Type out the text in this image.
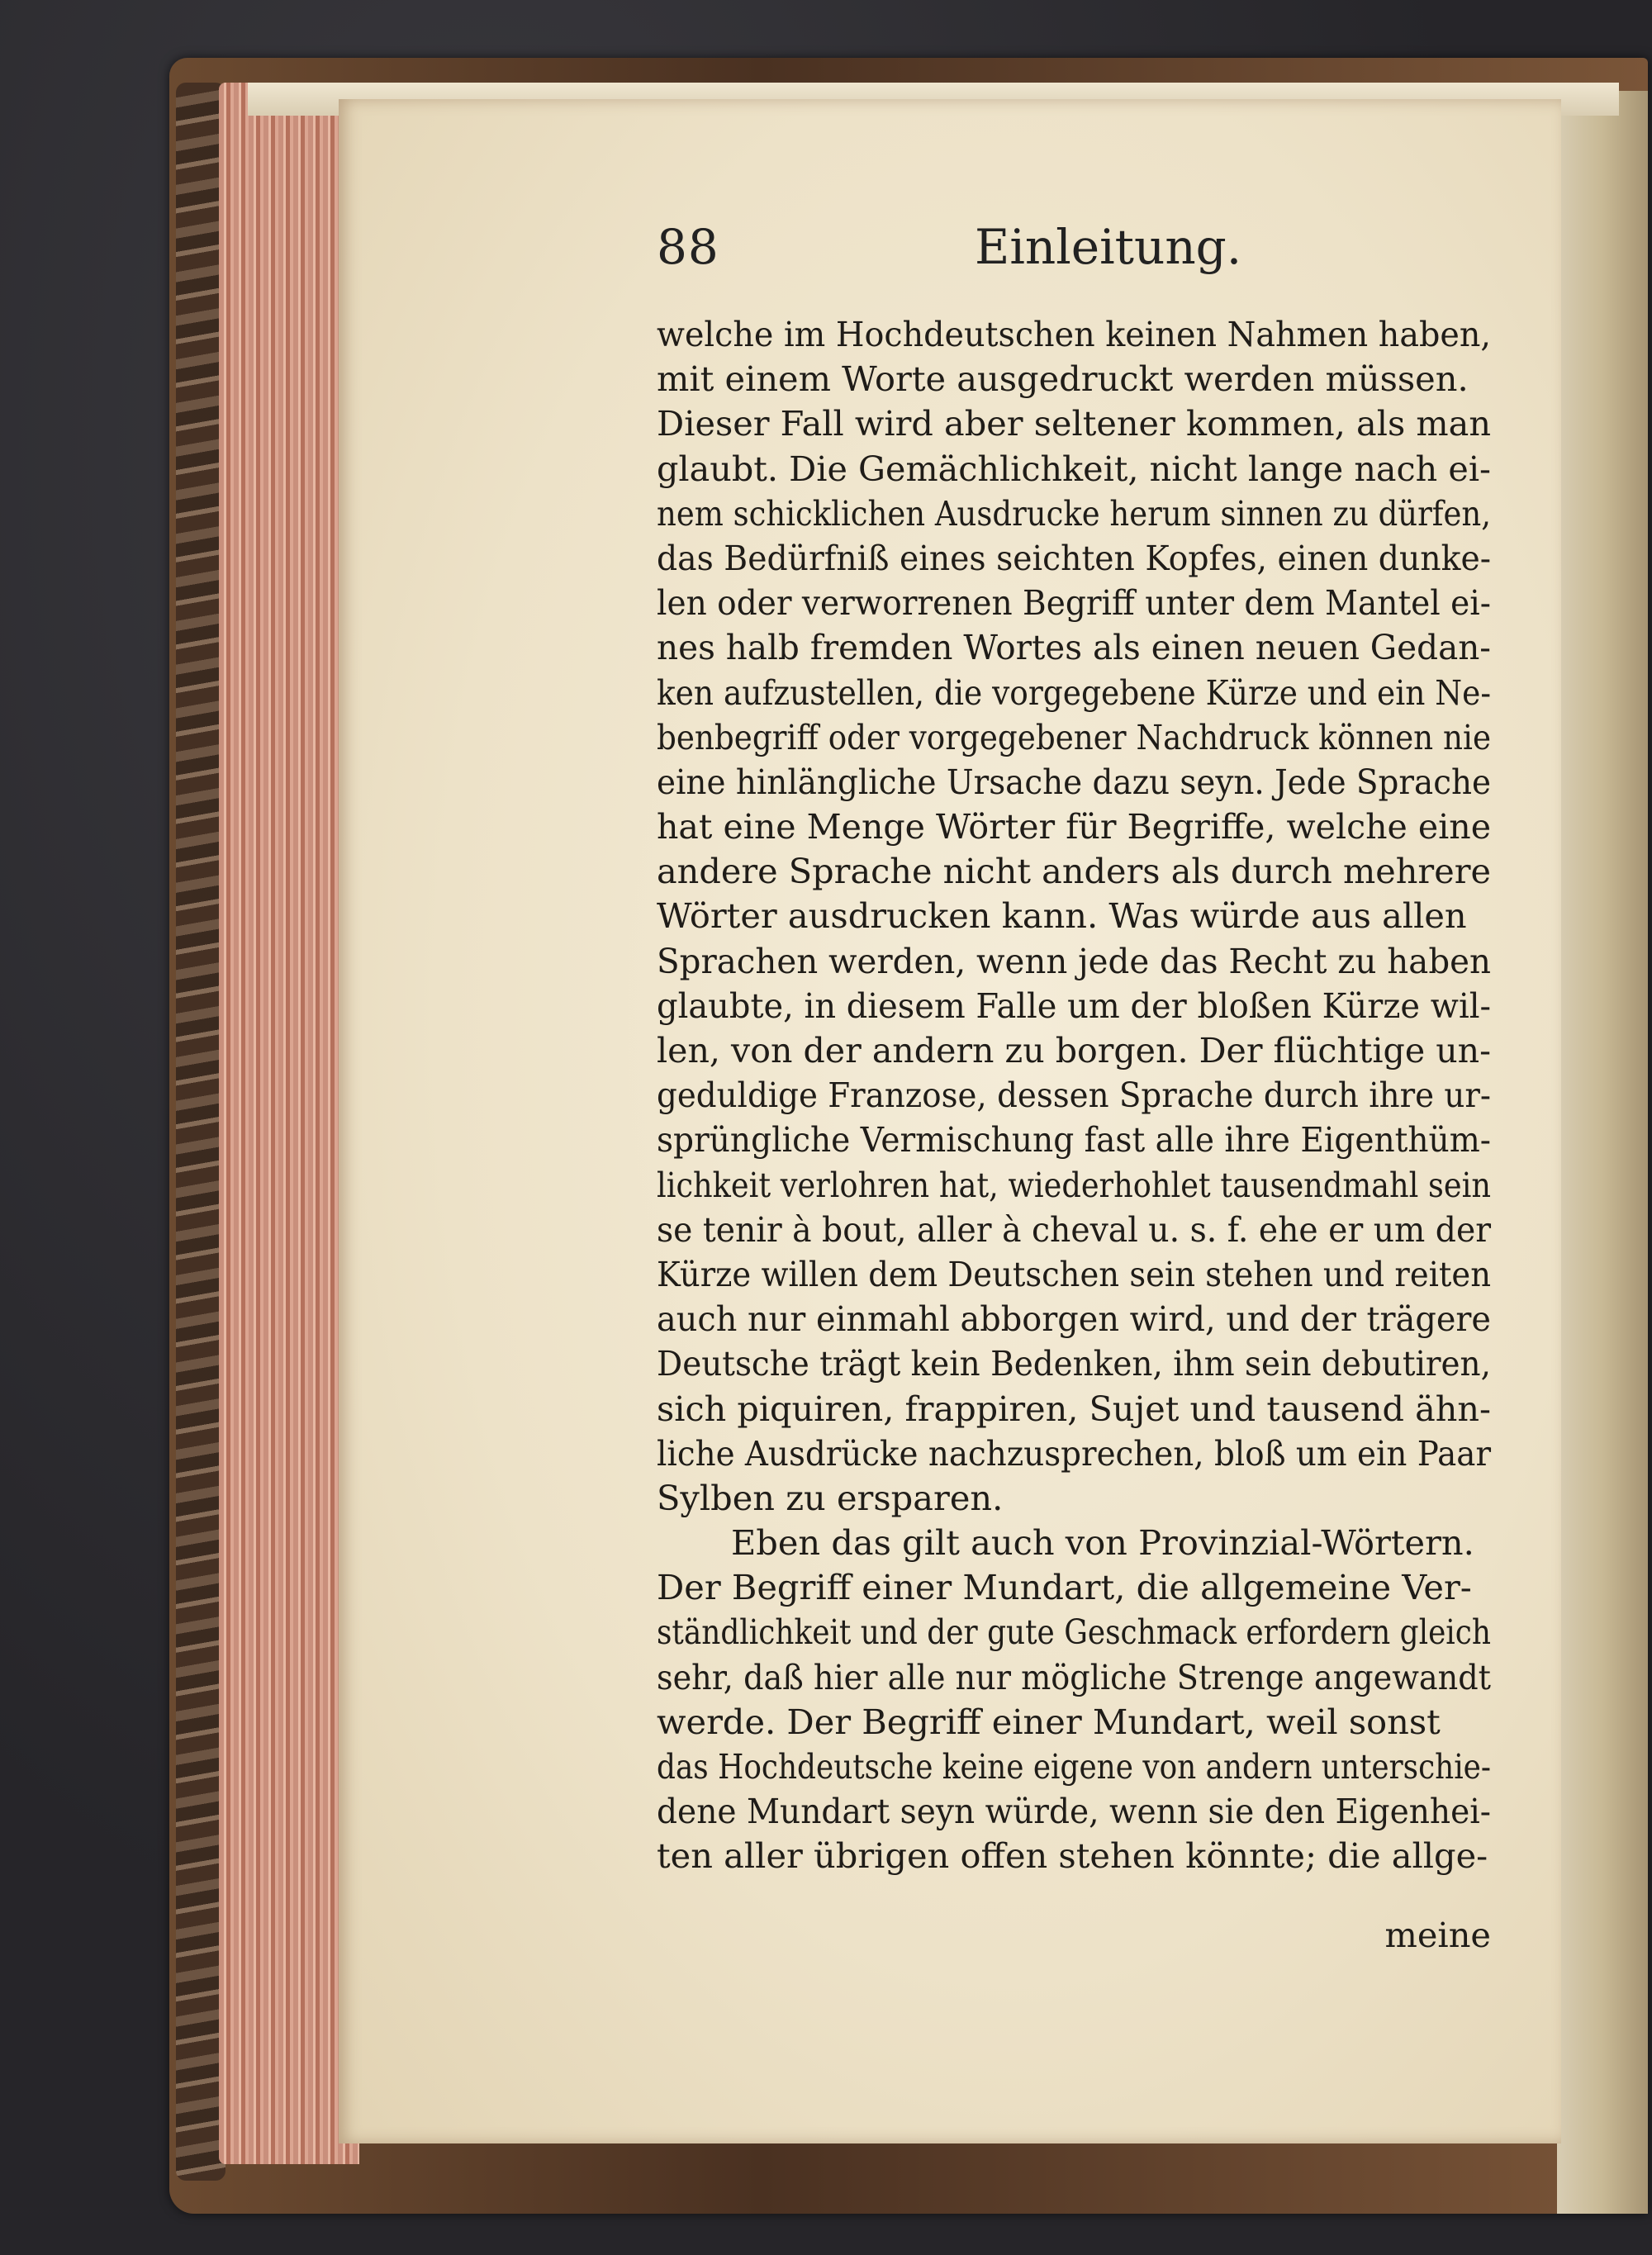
88	Einleitung.
welche im Hochdeutschen keinen Nahmen haben,
mit einem Worte ausgedruckt werden müssen.
Dieser Fall wird aber seltener kommen, als man
glaubt. Die Gemächlichkeit, nicht lange nach ei-
nem schicklichen Ausdrucke herum sinnen zu dürfen,
das Bedürfniß eines seichten Kopfes, einen dunke-
len oder verworrenen Begriff unter dem Mantel ei-
nes halb fremden Wortes als einen neuen Gedan-
ken aufzustellen, die vorgegebene Kürze und ein Ne-
benbegriff oder vorgegebener Nachdruck können nie
eine hinlängliche Ursache dazu seyn. Jede Sprache
hat eine Menge Wörter für Begriffe, welche eine
andere Sprache nicht anders als durch mehrere
Wörter ausdrucken kann. Was würde aus allen
Sprachen werden, wenn jede das Recht zu haben
glaubte, in diesem Falle um der bloßen Kürze wil-
len, von der andern zu borgen. Der flüchtige un-
geduldige Franzose, dessen Sprache durch ihre ur-
sprüngliche Vermischung fast alle ihre Eigenthüm-
lichkeit verlohren hat, wiederhohlet tausendmahl sein
se tenir à bout, aller à cheval u. s. f. ehe er um der
Kürze willen dem Deutschen sein stehen und reiten
auch nur einmahl abborgen wird, und der trägere
Deutsche trägt kein Bedenken, ihm sein debutiren,
sich piquiren, frappiren, Sujet und tausend ähn-
liche Ausdrücke nachzusprechen, bloß um ein Paar
Sylben zu ersparen.
Eben das gilt auch von Provinzial-Wörtern.
Der Begriff einer Mundart, die allgemeine Ver-
ständlichkeit und der gute Geschmack erfordern gleich
sehr, daß hier alle nur mögliche Strenge angewandt
werde. Der Begriff einer Mundart, weil sonst
das Hochdeutsche keine eigene von andern unterschie-
dene Mundart seyn würde, wenn sie den Eigenhei-
ten aller übrigen offen stehen könnte; die allge-
meine
